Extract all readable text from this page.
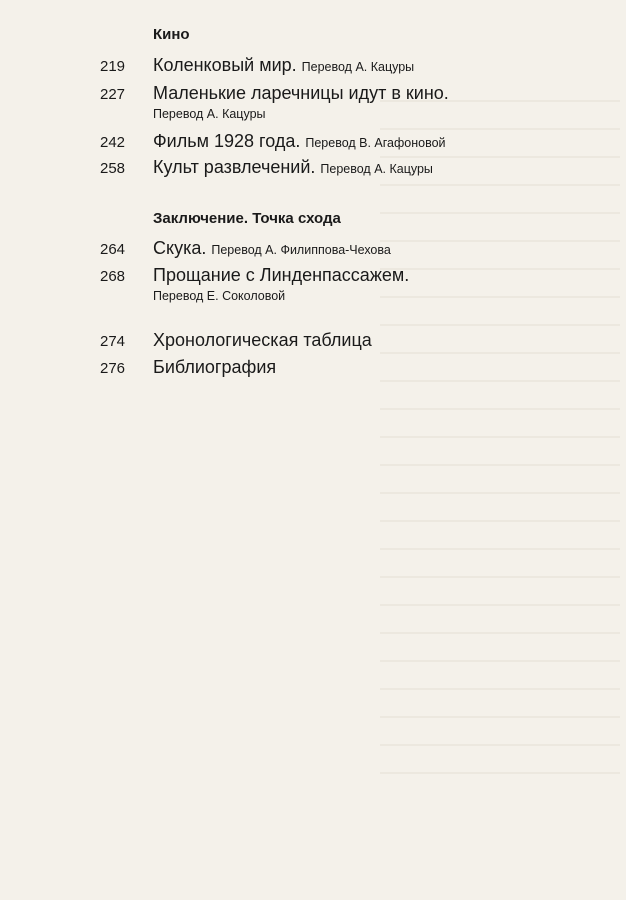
Кино
219	Коленковый мир. Перевод А. Кацуры
227	Маленькие ларечницы идут в кино.
Перевод А. Кацуры
242	Фильм 1928 года. Перевод В. Агафоновой
258	Культ развлечений. Перевод А. Кацуры
Заключение. Точка схода
264	Скука. Перевод А. Филиппова-Чехова
268	Прощание с Линденпассажем.
Перевод Е. Соколовой
274	Хронологическая таблица
276	Библиография
